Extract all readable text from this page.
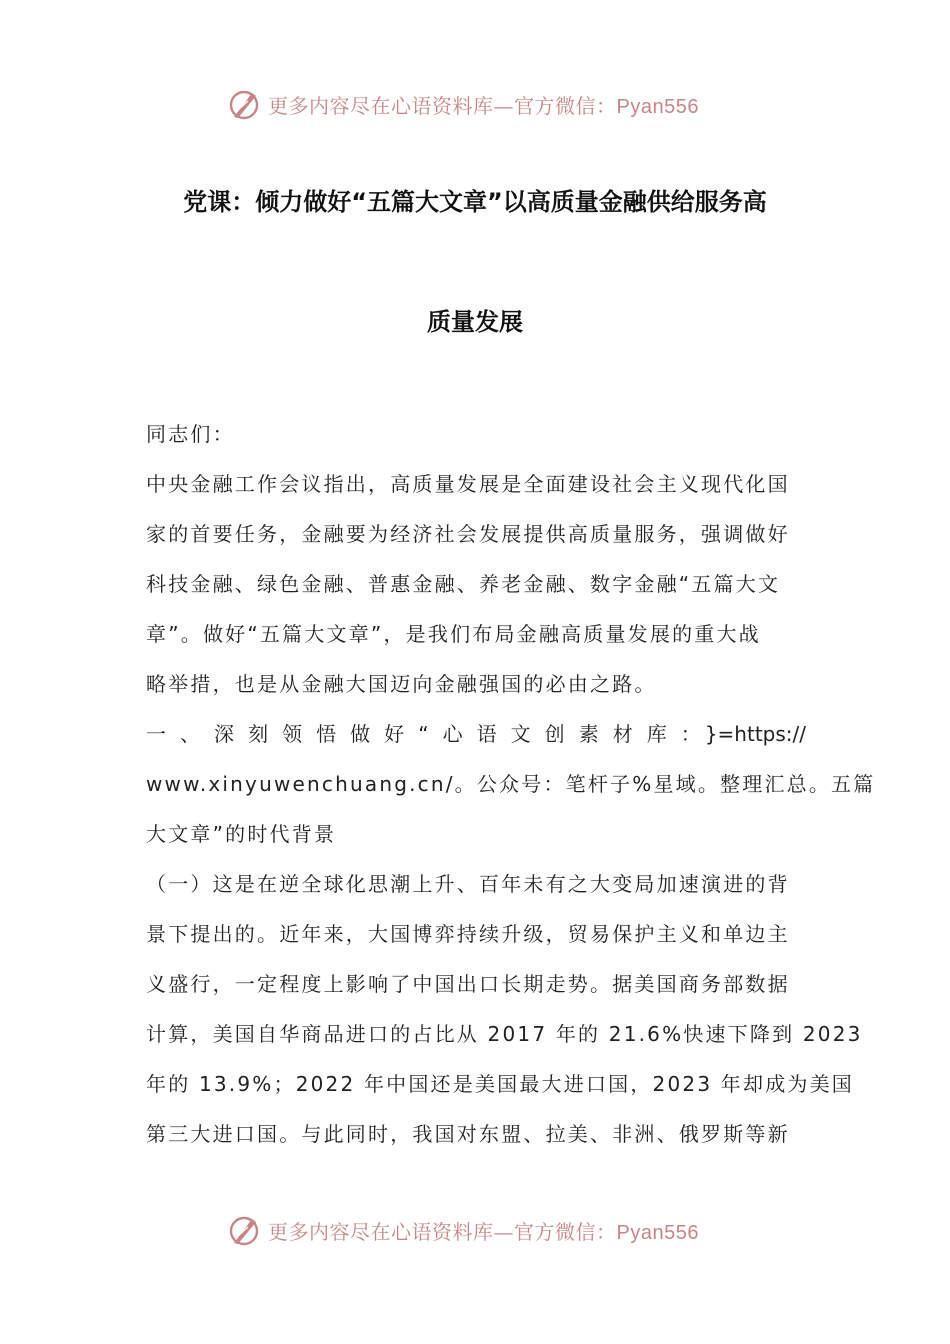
更多内容尽在心语资料库—官方微信：Pyan556
党课：倾力做好“五篇大文章”以高质量金融供给服务高
质量发展
同志们：
中央金融工作会议指出，高质量发展是全面建设社会主义现代化国
家的首要任务，金融要为经济社会发展提供高质量服务，强调做好
科技金融、绿色金融、普惠金融、养老金融、数字金融“五篇大文
章”。做好“五篇大文章”，是我们布局金融高质量发展的重大战
略举措，也是从金融大国迈向金融强国的必由之路。
一、深刻领悟做好“心语文创素材库：}=https://
www.xinyuwenchuang.cn/。公众号：笔杆子%星域。整理汇总。五篇
大文章”的时代背景
（一）这是在逆全球化思潮上升、百年未有之大变局加速演进的背
景下提出的。近年来，大国博弈持续升级，贸易保护主义和单边主
义盛行，一定程度上影响了中国出口长期走势。据美国商务部数据
计算，美国自华商品进口的占比从 2017 年的 21.6%快速下降到 2023
年的 13.9%；2022 年中国还是美国最大进口国，2023 年却成为美国
第三大进口国。与此同时，我国对东盟、拉美、非洲、俄罗斯等新
更多内容尽在心语资料库—官方微信：Pyan556
